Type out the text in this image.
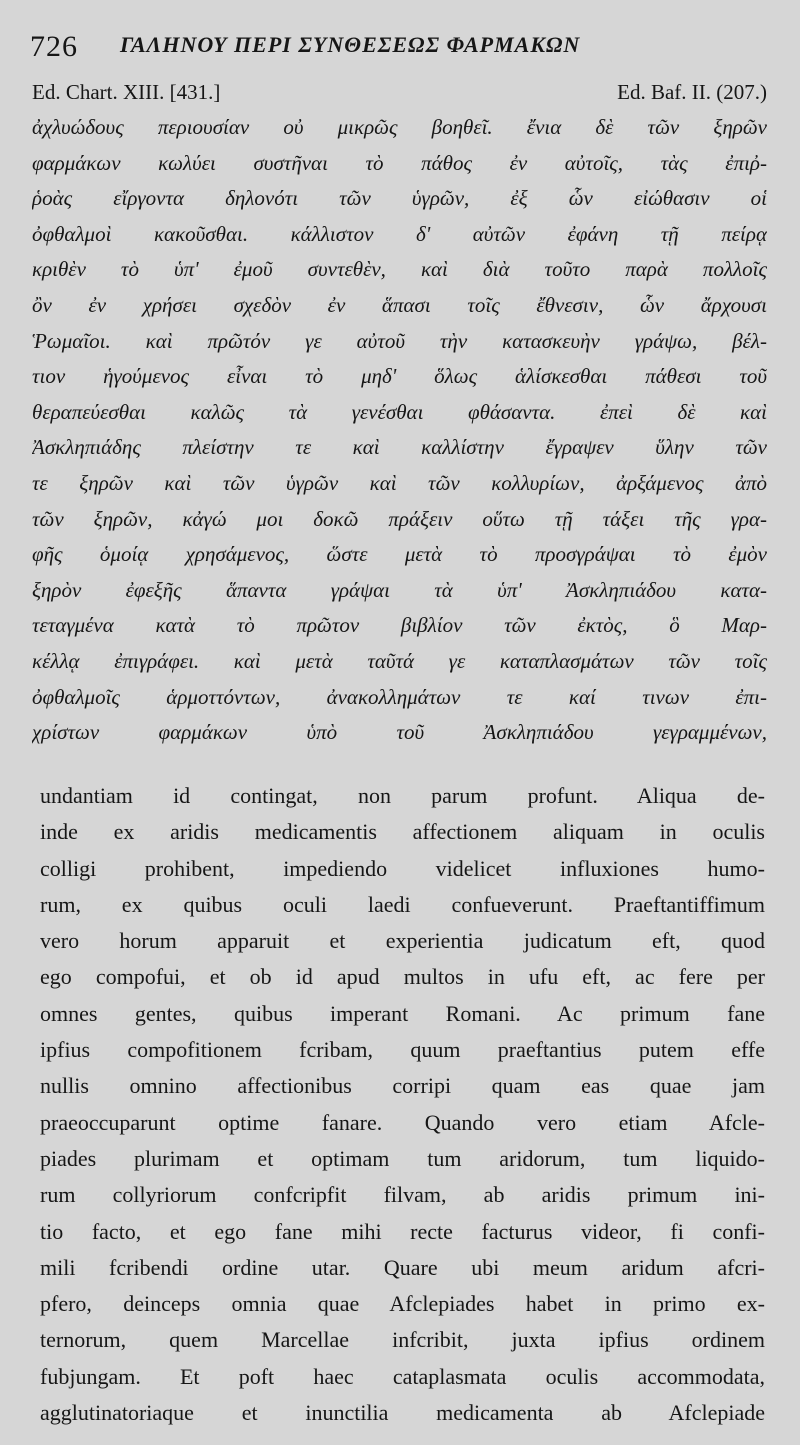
726 ΓΑΛΗΝΟΥ ΠΕΡΙ ΣΥΝΘΕΣΕΩΣ ΦΑΡΜΑΚΩΝ
Ed. Chart. XIII. [431.]	Ed. Baf. II. (207.)
ἀχλυώδους περιουσίαν οὐ μικρῶς βοηθεῖ. ἔνια δὲ τῶν ξηρῶν
φαρμάκων κωλύει συστῆναι τὸ πάθος ἐν αὐτοῖς, τὰς ἐπιῤ-
ῥοὰς εἴργοντα δηλονότι τῶν ὑγρῶν, ἐξ ὧν εἰώθασιν οἱ
ὀφθαλμοὶ κακοῦσθαι. κάλλιστον δ' αὐτῶν ἐφάνη τῇ πείρᾳ
κριθὲν τὸ ὑπ' ἐμοῦ συντεθὲν, καὶ διὰ τοῦτο παρὰ πολλοῖς
ὂν ἐν χρήσει σχεδὸν ἐν ἅπασι τοῖς ἔθνεσιν, ὧν ἄρχουσι
Ῥωμαῖοι. καὶ πρῶτόν γε αὐτοῦ τὴν κατασκευὴν γράψω, βέλ-
τιον ἡγούμενος εἶναι τὸ μηδ' ὅλως ἁλίσκεσθαι πάθεσι τοῦ
θεραπεύεσθαι καλῶς τὰ γενέσθαι φθάσαντα. ἐπεὶ δὲ καὶ
Ἀσκληπιάδης πλείστην τε καὶ καλλίστην ἔγραψεν ὕλην τῶν
τε ξηρῶν καὶ τῶν ὑγρῶν καὶ τῶν κολλυρίων, ἀρξάμενος ἀπὸ
τῶν ξηρῶν, κἀγώ μοι δοκῶ πράξειν οὕτω τῇ τάξει τῆς γρα-
φῆς ὁμοίᾳ χρησάμενος, ὥστε μετὰ τὸ προσγράψαι τὸ ἐμὸν
ξηρὸν ἐφεξῆς ἅπαντα γράψαι τὰ ὑπ' Ἀσκληπιάδου κατα-
τεταγμένα κατὰ τὸ πρῶτον βιβλίον τῶν ἐκτὸς, ὃ Μαρ-
κέλλᾳ ἐπιγράφει. καὶ μετὰ ταῦτά γε καταπλασμάτων τῶν τοῖς
ὀφθαλμοῖς ἁρμοττόντων, ἀνακολλημάτων τε καί τινων ἐπι-
χρίστων φαρμάκων ὑπὸ τοῦ Ἀσκληπιάδου γεγραμμένων,
undantiam id contingat, non parum profunt. Aliqua de-
inde ex aridis medicamentis affectionem aliquam in oculis
colligi prohibent, impediendo videlicet influxiones humo-
rum, ex quibus oculi laedi confueverunt. Praeftantiffimum
vero horum apparuit et experientia judicatum eft, quod
ego compofui, et ob id apud multos in ufu eft, ac fere per
omnes gentes, quibus imperant Romani. Ac primum fane
ipfius compofitionem fcribam, quum praeftantius putem effe
nullis omnino affectionibus corripi quam eas quae jam
praeoccuparunt optime fanare. Quando vero etiam Afcle-
piades plurimam et optimam tum aridorum, tum liquido-
rum collyriorum confcripfit filvam, ab aridis primum ini-
tio facto, et ego fane mihi recte facturus videor, fi confi-
mili fcribendi ordine utar. Quare ubi meum aridum afcri-
pfero, deinceps omnia quae Afclepiades habet in primo ex-
ternorum, quem Marcellae infcribit, juxta ipfius ordinem
fubjungam. Et poft haec cataplasmata oculis accommodata,
agglutinatoriaque et inunctilia medicamenta ab Afclepiade
